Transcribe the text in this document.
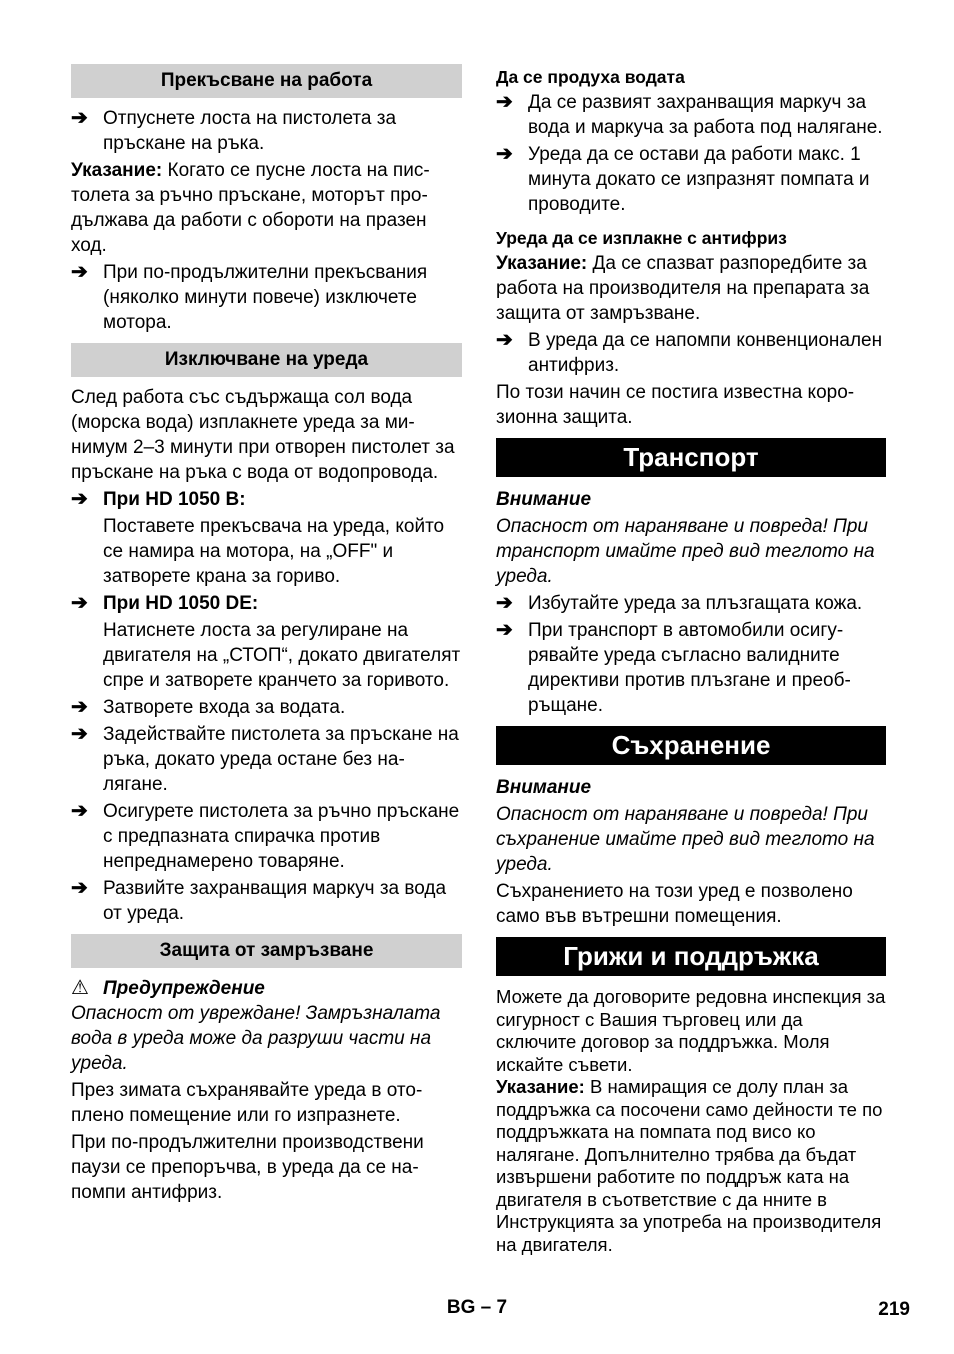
Прекъсване на работа
➔ Отпуснете лоста на пистолета за пръскане на ръка.
Указание: Когато се пусне лоста на пистолета за ръчно пръскане, моторът продължава да работи с обороти на празен ход.
➔ При по-продължителни прекъсвания (няколко минути повече) изключете мотора.
Изключване на уреда
След работа със съдържаща сол вода (морска вода) изплакнете уреда за минимум 2–3 минути при отворен пистолет за пръскане на ръка с вода от водопровода.
➔ При HD 1050 B:
Поставете прекъсвача на уреда, който се намира на мотора, на „OFF" и затворете крана за гориво.
➔ При HD 1050 DE:
Натиснете лоста за регулиране на двигателя на „СТОП“, докато двигателят спре и затворете кранчето за горивото.
➔ Затворете входа за водата.
➔ Задействайте пистолета за пръскане на ръка, докато уреда остане без налягане.
➔ Осигурете пистолета за ръчно пръскане с предпазната спирачка против непреднамерено товаряне.
➔ Развийте захранващия маркуч за вода от уреда.
Защита от замръзване
⚠ Предупреждение
Опасност от увреждане! Замръзналата вода в уреда може да разруши части на уреда.
През зимата съхранявайте уреда в отоплено помещение или го изпразнете.
При по-продължителни производствени паузи се препоръчва, в уреда да се напомпи антифриз.
Да се продуха водата
➔ Да се развият захранващия маркуч за вода и маркуча за работа под налягане.
➔ Уреда да се остави да работи макс. 1 минута докато се изпразнят помпата и проводите.
Уреда да се изплакне с антифриз
Указание: Да се спазват разпоредбите за работа на производителя на препарата за защита от замръзване.
➔ В уреда да се напомпи конвенционален антифриз.
По този начин се постига известна корозионна защита.
Транспорт
Внимание
Опасност от нараняване и повреда! При транспорт имайте пред вид теглото на уреда.
➔ Избутайте уреда за плъзгащата кожа.
➔ При транспорт в автомобили осигурявайте уреда съгласно валидните директиви против плъзгане и преобръщане.
Съхранение
Внимание
Опасност от нараняване и повреда! При съхранение имайте пред вид теглото на уреда.
Съхранението на този уред е позволено само във вътрешни помещения.
Грижи и поддръжка
Можете да договорите редовна инспекция за сигурност с Вашия търговец или да сключите договор за поддръжка. Моля искайте съвети.
Указание: В намиращия се долу план за поддръжка са посочени само дейности те по поддръжката на помпата под висо ко налягане. Допълнително трябва да бъдат извършени работите по поддръж ката на двигателя в съответствие с да нните в Инструкцията за употреба на производителя на двигателя.
BG – 7	219
